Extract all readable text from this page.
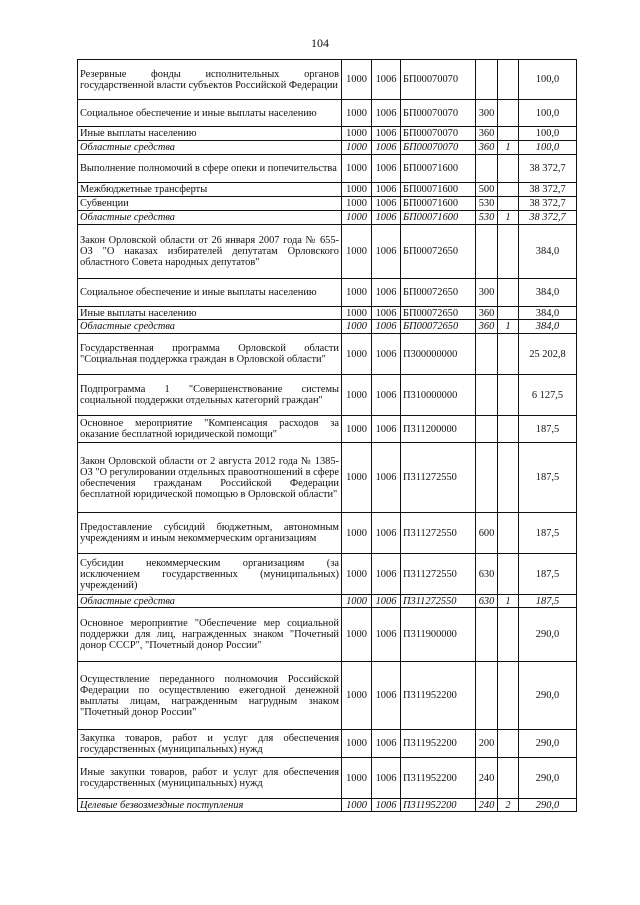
104
Резервные фонды исполнительных органов государственной власти субъектов Российской Федерации	1000	1006	БП00070070			100,0
Социальное обеспечение и иные выплаты населению	1000	1006	БП00070070	300		100,0
Иные выплаты населению	1000	1006	БП00070070	360		100,0
Областные средства	1000	1006	БП00070070	360	1	100,0
Выполнение полномочий в сфере опеки и попечительства	1000	1006	БП00071600			38 372,7
Межбюджетные трансферты	1000	1006	БП00071600	500		38 372,7
Субвенции	1000	1006	БП00071600	530		38 372,7
Областные средства	1000	1006	БП00071600	530	1	38 372,7
Закон Орловской области от 26 января 2007 года № 655-ОЗ "О наказах избирателей депутатам Орловского областного Совета народных депутатов"	1000	1006	БП00072650			384,0
Социальное обеспечение и иные выплаты населению	1000	1006	БП00072650	300		384,0
Иные выплаты населению	1000	1006	БП00072650	360		384,0
Областные средства	1000	1006	БП00072650	360	1	384,0
Государственная программа Орловской области "Социальная поддержка граждан в Орловской области"	1000	1006	П300000000			25 202,8
Подпрограмма 1 "Совершенствование системы социальной поддержки отдельных категорий граждан"	1000	1006	П310000000			6 127,5
Основное мероприятие "Компенсация расходов за оказание бесплатной юридической помощи"	1000	1006	П311200000			187,5
Закон Орловской области от 2 августа 2012 года № 1385-ОЗ "О регулировании отдельных правоотношений в сфере обеспечения гражданам Российской Федерации бесплатной юридической помощью в Орловской области"	1000	1006	П311272550			187,5
Предоставление субсидий бюджетным, автономным учреждениям и иным некоммерческим организациям	1000	1006	П311272550	600		187,5
Субсидии некоммерческим организациям (за исключением государственных (муниципальных) учреждений)	1000	1006	П311272550	630		187,5
Областные средства	1000	1006	П311272550	630	1	187,5
Основное мероприятие "Обеспечение мер социальной поддержки для лиц, награжденных знаком "Почетный донор СССР", "Почетный донор России"	1000	1006	П311900000			290,0
Осуществление переданного полномочия Российской Федерации по осуществлению ежегодной денежной выплаты лицам, награжденным нагрудным знаком "Почетный донор России"	1000	1006	П311952200			290,0
Закупка товаров, работ и услуг для обеспечения государственных (муниципальных) нужд	1000	1006	П311952200	200		290,0
Иные закупки товаров, работ и услуг для обеспечения государственных (муниципальных) нужд	1000	1006	П311952200	240		290,0
Целевые безвозмездные поступления	1000	1006	П311952200	240	2	290,0
